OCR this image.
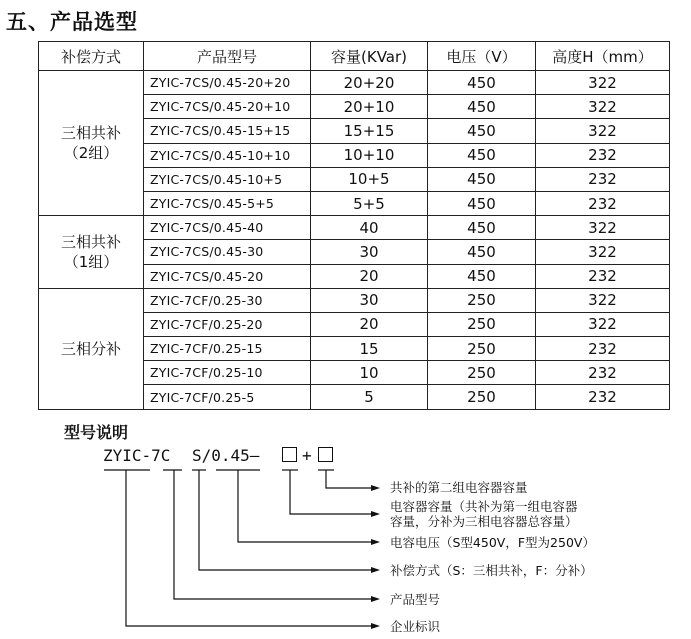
五、产品选型
补偿方式	产品型号	容量(KVar)	电压（V）	高度H（mm）
三相共补
（2组）	ZYIC-7CS/0.45-20+20	20+20	450	322
	ZYIC-7CS/0.45-20+10	20+10	450	322
	ZYIC-7CS/0.45-15+15	15+15	450	322
	ZYIC-7CS/0.45-10+10	10+10	450	232
	ZYIC-7CS/0.45-10+5	10+5	450	232
	ZYIC-7CS/0.45-5+5	5+5	450	232
三相共补
（1组）	ZYIC-7CS/0.45-40	40	450	322
	ZYIC-7CS/0.45-30	30	450	322
	ZYIC-7CS/0.45-20	20	450	232
三相分补	ZYIC-7CF/0.25-30	30	250	322
	ZYIC-7CF/0.25-20	20	250	322
	ZYIC-7CF/0.25-15	15	250	232
	ZYIC-7CF/0.25-10	10	250	232
	ZYIC-7CF/0.25-5	5	250	232
型号说明
ZYIC-7C S/0.45—	+
共补的第二组电容器容量
电容器容量（共补为第一组电容器
容量，分补为三相电容器总容量）
电容电压（S型450V，F型为250V）
补偿方式（S：三相共补，F：分补）
产品型号
企业标识
